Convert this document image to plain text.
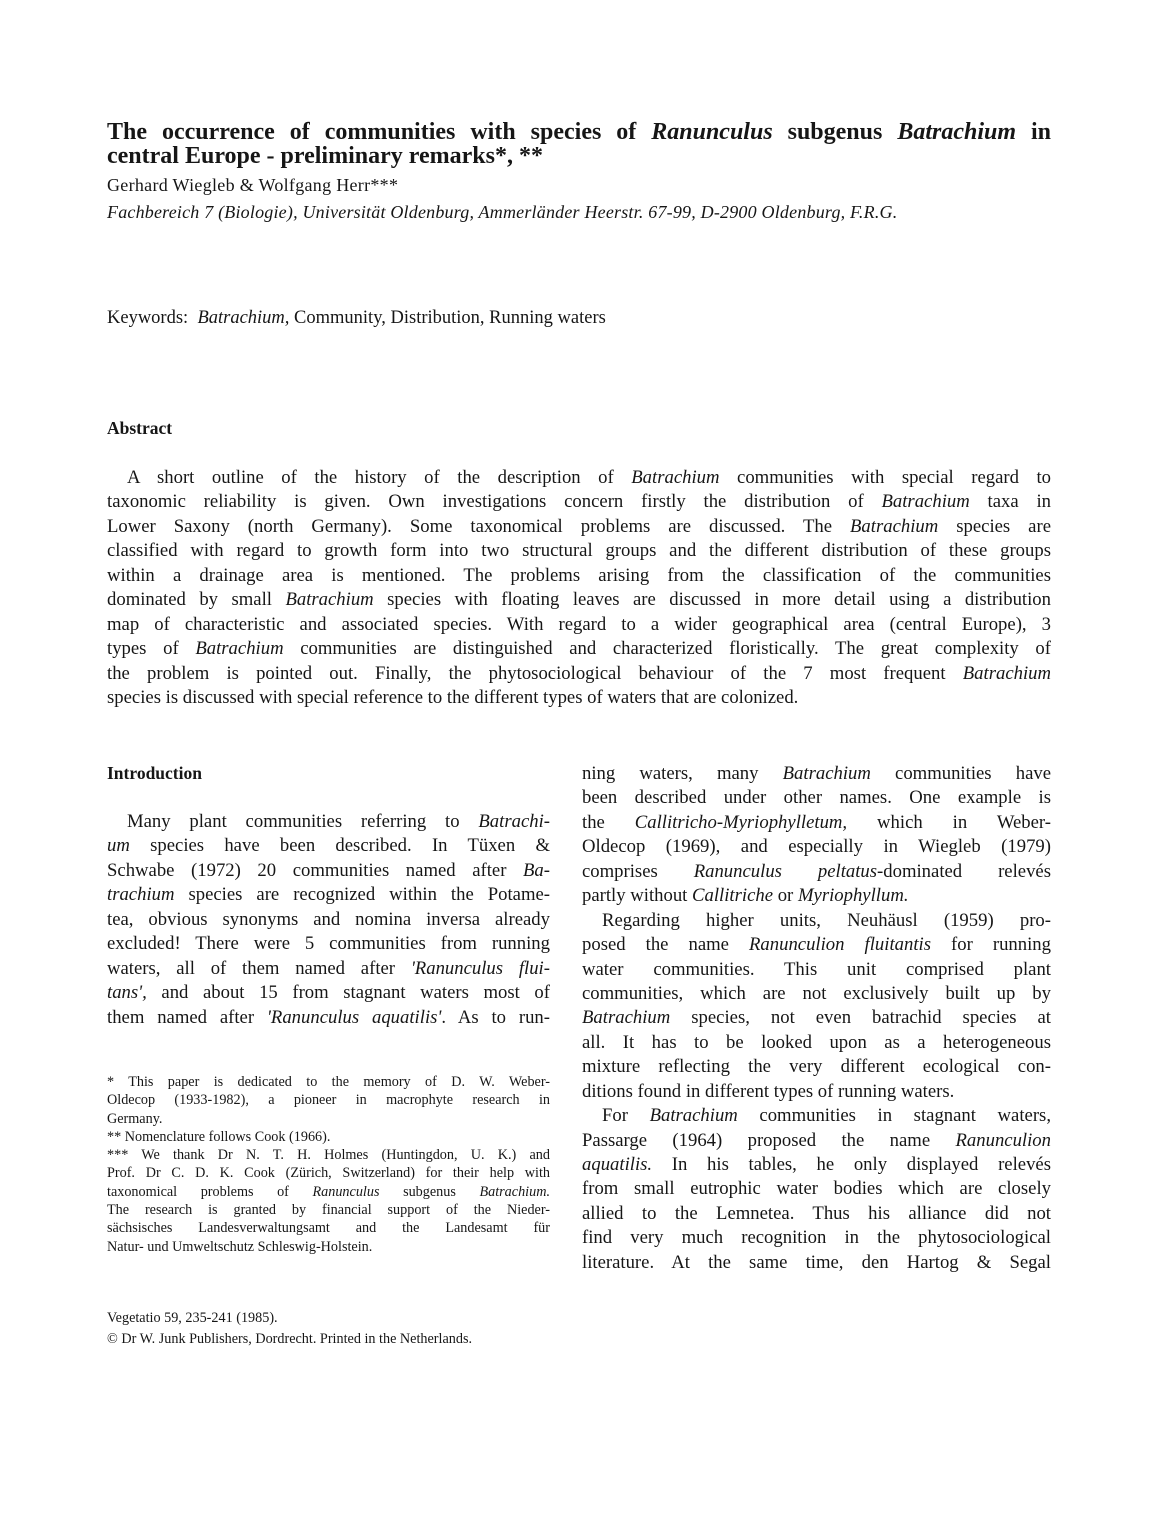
The occurrence of communities with species of Ranunculus subgenus Batrachium in
central Europe - preliminary remarks*, **
Gerhard Wiegleb & Wolfgang Herr***
Fachbereich 7 (Biologie), Universität Oldenburg, Ammerländer Heerstr. 67-99, D-2900 Oldenburg, F.R.G.
Keywords: Batrachium, Community, Distribution, Running waters
Abstract
A short outline of the history of the description of Batrachium communities with special regard to
taxonomic reliability is given. Own investigations concern firstly the distribution of Batrachium taxa in
Lower Saxony (north Germany). Some taxonomical problems are discussed. The Batrachium species are
classified with regard to growth form into two structural groups and the different distribution of these groups
within a drainage area is mentioned. The problems arising from the classification of the communities
dominated by small Batrachium species with floating leaves are discussed in more detail using a distribution
map of characteristic and associated species. With regard to a wider geographical area (central Europe), 3
types of Batrachium communities are distinguished and characterized floristically. The great complexity of
the problem is pointed out. Finally, the phytosociological behaviour of the 7 most frequent Batrachium
species is discussed with special reference to the different types of waters that are colonized.
Introduction
Many plant communities referring to Batrachi-
um species have been described. In Tüxen &
Schwabe (1972) 20 communities named after Ba-
trachium species are recognized within the Potame-
tea, obvious synonyms and nomina inversa already
excluded! There were 5 communities from running
waters, all of them named after 'Ranunculus flui-
tans', and about 15 from stagnant waters most of
them named after 'Ranunculus aquatilis'. As to run-
ning waters, many Batrachium communities have
been described under other names. One example is
the Callitricho-Myriophylletum, which in Weber-
Oldecop (1969), and especially in Wiegleb (1979)
comprises Ranunculus peltatus-dominated relevés
partly without Callitriche or Myriophyllum.
Regarding higher units, Neuhäusl (1959) pro-
posed the name Ranunculion fluitantis for running
water communities. This unit comprised plant
communities, which are not exclusively built up by
Batrachium species, not even batrachid species at
all. It has to be looked upon as a heterogeneous
mixture reflecting the very different ecological con-
ditions found in different types of running waters.
For Batrachium communities in stagnant waters,
Passarge (1964) proposed the name Ranunculion
aquatilis. In his tables, he only displayed relevés
from small eutrophic water bodies which are closely
allied to the Lemnetea. Thus his alliance did not
find very much recognition in the phytosociological
literature. At the same time, den Hartog & Segal
* This paper is dedicated to the memory of D. W. Weber-
Oldecop (1933-1982), a pioneer in macrophyte research in
Germany.
** Nomenclature follows Cook (1966).
*** We thank Dr N. T. H. Holmes (Huntingdon, U. K.) and
Prof. Dr C. D. K. Cook (Zürich, Switzerland) for their help with
taxonomical problems of Ranunculus subgenus Batrachium.
The research is granted by financial support of the Nieder-
sächsisches Landesverwaltungsamt and the Landesamt für
Natur- und Umweltschutz Schleswig-Holstein.
Vegetatio 59, 235-241 (1985).
© Dr W. Junk Publishers, Dordrecht. Printed in the Netherlands.
